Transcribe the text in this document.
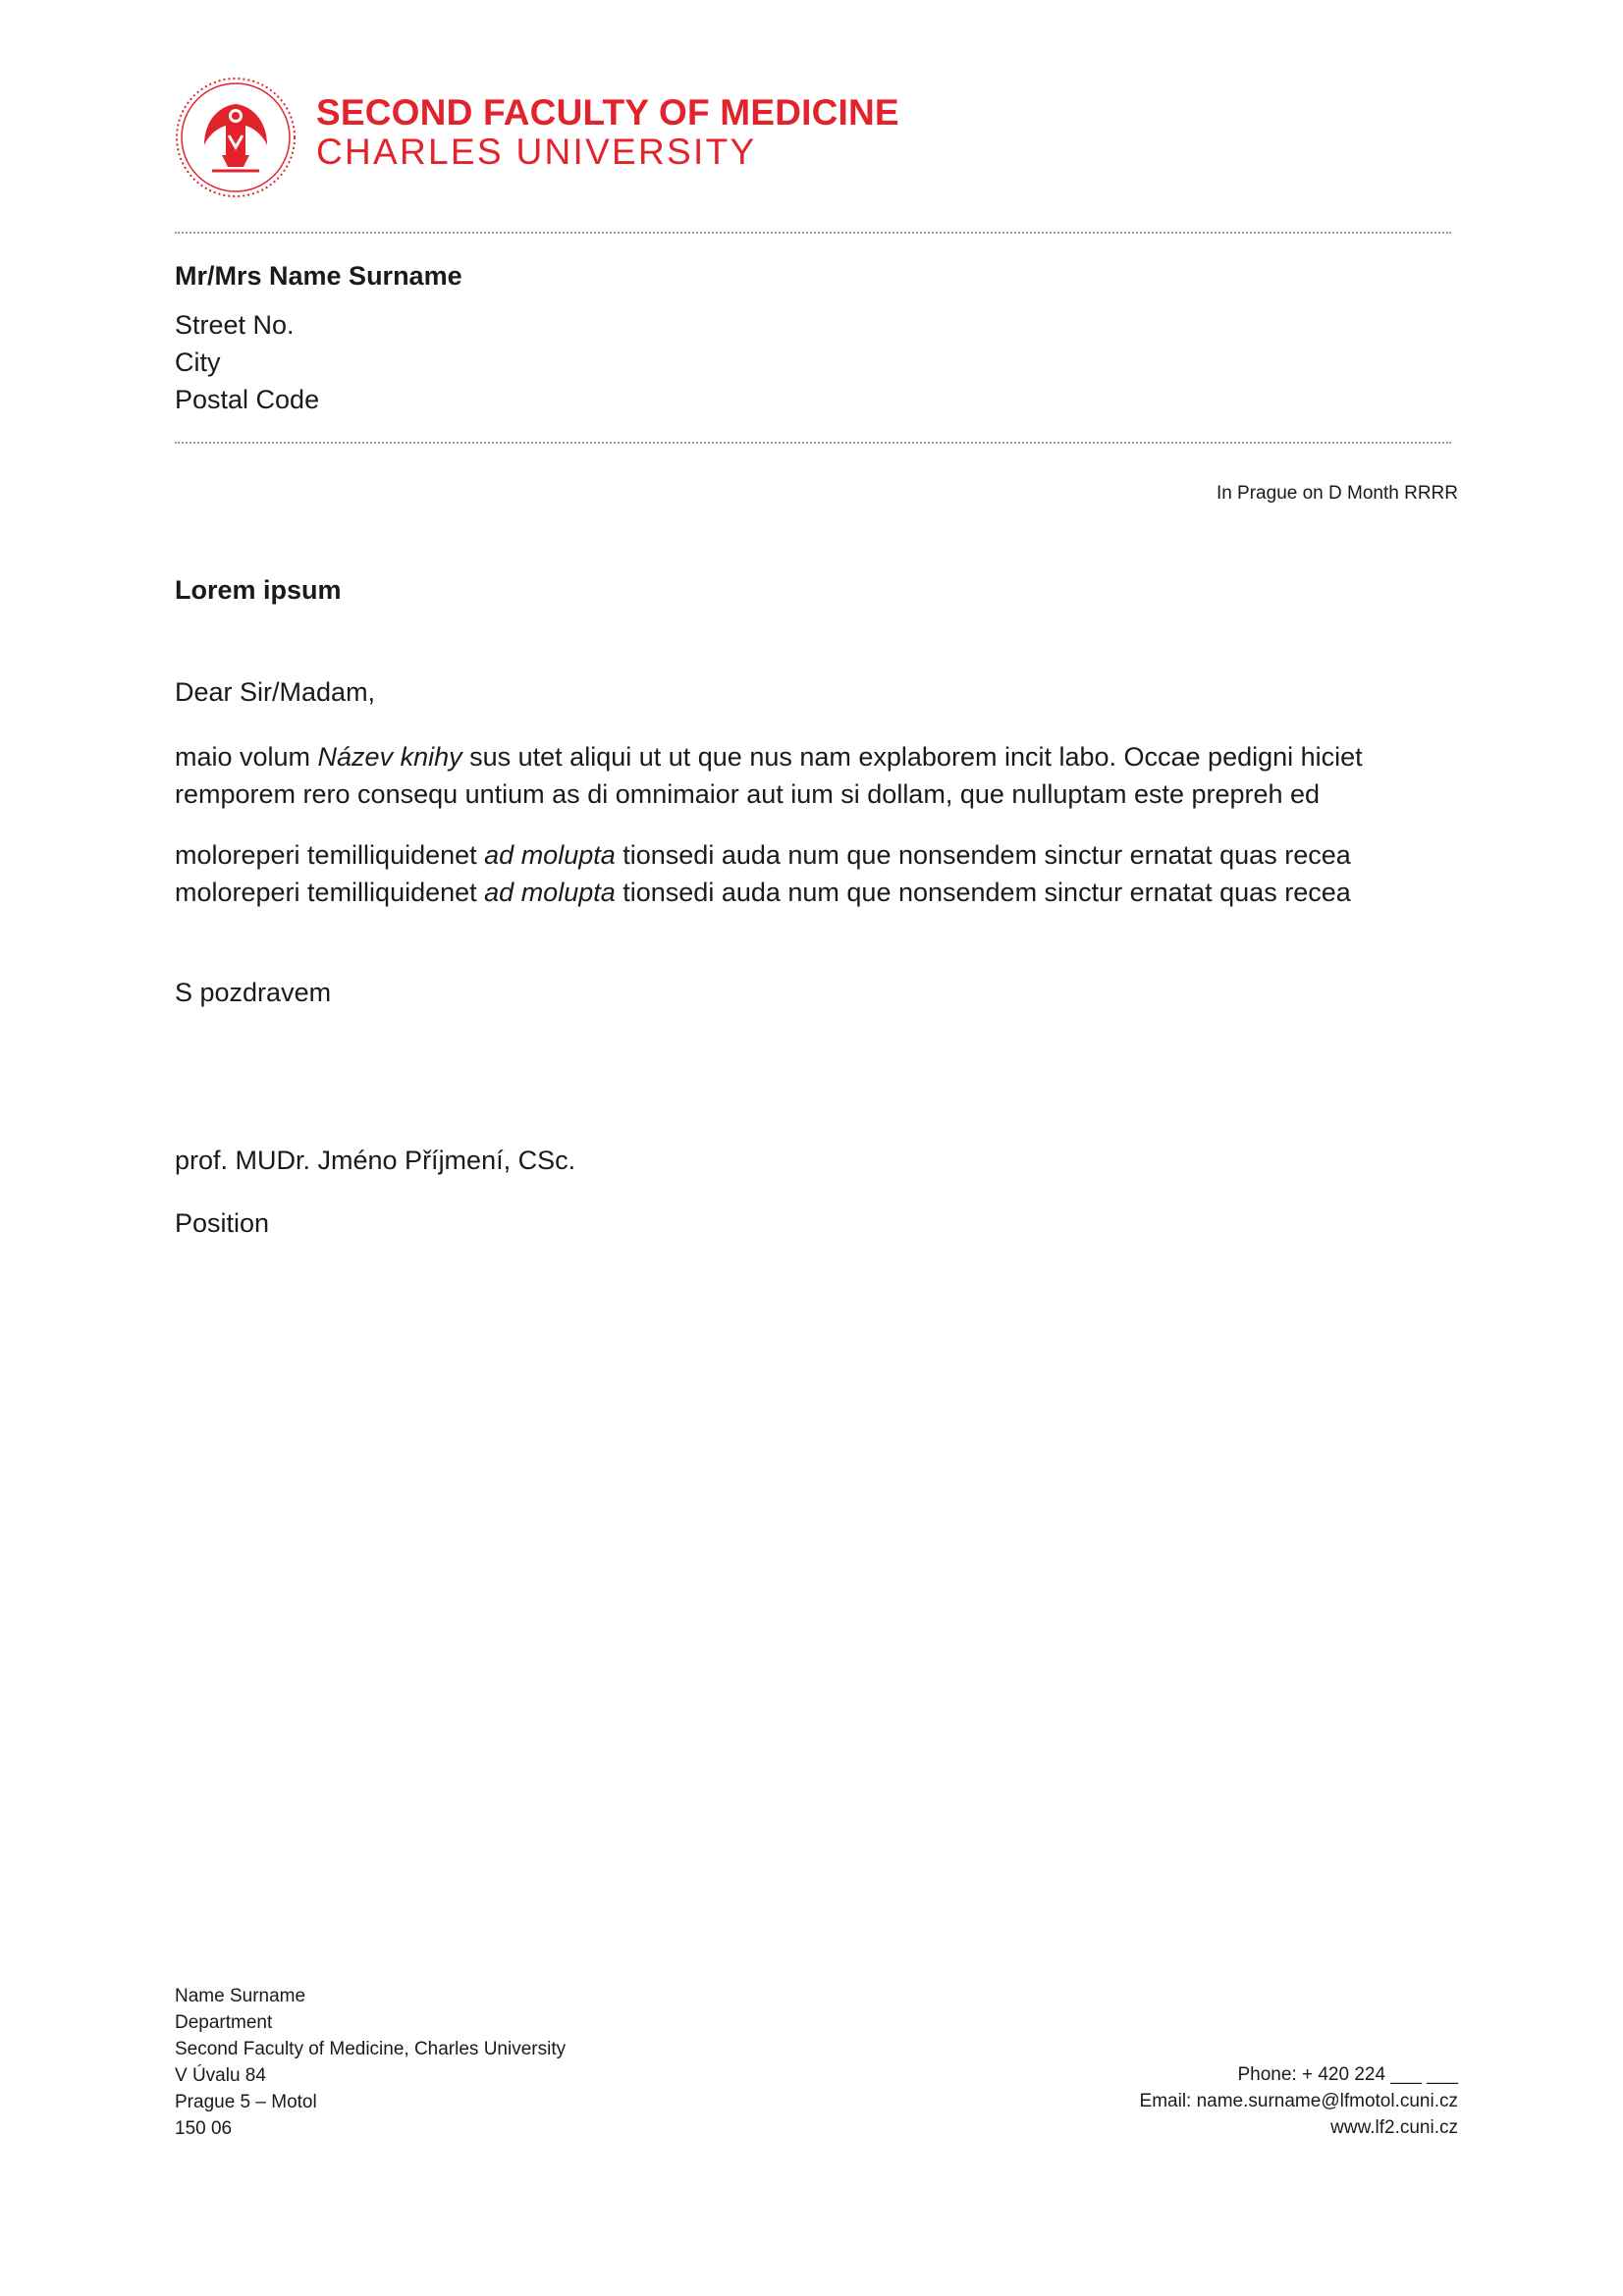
SECOND FACULTY OF MEDICINE
CHARLES UNIVERSITY
Mr/Mrs Name Surname
Street No.
City
Postal Code
In Prague on D Month RRRR
Lorem ipsum
Dear Sir/Madam,
maio volum Název knihy sus utet aliqui ut ut que nus nam explaborem incit labo. Occae pedigni hiciet
remporem rero consequ untium as di omnimaior aut ium si dollam, que nulluptam este prepreh ed
moloreperi temilliquidenet ad molupta tionsedi auda num que nonsendem sinctur ernatat quas recea
moloreperi temilliquidenet ad molupta tionsedi auda num que nonsendem sinctur ernatat quas recea
S pozdravem
prof. MUDr. Jméno Příjmení, CSc.
Position
Name Surname
Department
Second Faculty of Medicine, Charles University
V Úvalu 84
Prague 5 – Motol
150 06
Phone: + 420 224 ___ ___
Email: name.surname@lfmotol.cuni.cz
www.lf2.cuni.cz
